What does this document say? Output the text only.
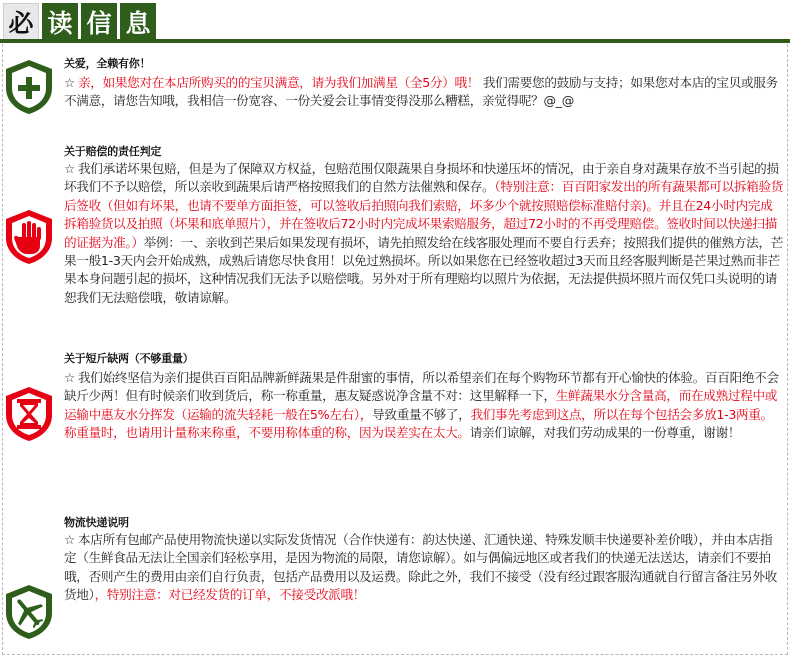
必 读 信 息
关爱，全赖有你！
☆ 亲，如果您对在本店所购买的的宝贝满意，请为我们加满星（全5分）哦！ 我们需要您的鼓励与支持；如果您对本店的宝贝或服务不满意，请您告知哦，我相信一份宽容、一份关爱会让事情变得没那么糟糕，亲觉得呢？@_@
关于赔偿的责任判定
☆ 我们承诺坏果包赔，但是为了保障双方权益，包赔范围仅限蔬果自身损坏和快递压坏的情况，由于亲自身对蔬果存放不当引起的损坏我们不予以赔偿，所以亲收到蔬果后请严格按照我们的自然方法催熟和保存。（特别注意：百百阳家发出的所有蔬果都可以拆箱验货后签收（但如有坏果，也请不要单方面拒签，可以签收后拍照向我们索赔，坏多少个就按照赔偿标准赔付亲)。并且在24小时内完成拆箱验货以及拍照（坏果和底单照片），并在签收后72小时内完成坏果索赔服务，超过72小时的不再受理赔偿。签收时间以快递扫描的证据为准。）举例：一、亲收到芒果后如果发现有损坏，请先拍照发给在线客服处理而不要自行丢弃；按照我们提供的催熟方法，芒果一般1-3天内会开始成熟，成熟后请您尽快食用！以免过熟损坏。所以如果您在已经签收超过3天而且经客服判断是芒果过熟而非芒果本身问题引起的损坏，这种情况我们无法予以赔偿哦。另外对于所有理赔均以照片为依据，无法提供损坏照片而仅凭口头说明的请恕我们无法赔偿哦，敬请谅解。
关于短斤缺两（不够重量）
☆ 我们始终坚信为亲们提供百百阳品牌新鲜蔬果是件甜蜜的事情，所以希望亲们在每个购物环节都有开心愉快的体验。百百阳绝不会缺斤少两！但有时候亲们收到货后，称一称重量，惠友疑惑说净含量不对：这里解释一下，生鲜蔬果水分含量高，而在成熟过程中或运输中惠友水分挥发（运输的流失轻耗一般在5%左右），导致重量不够了，我们事先考虑到这点，所以在每个包括会多放1-3两重。称重量时，也请用计量称来称重，不要用称体重的称，因为误差实在太大。请亲们谅解，对我们劳动成果的一份尊重，谢谢！
物流快递说明
☆ 本店所有包邮产品使用物流快递以实际发货情况（合作快递有：韵达快递、汇通快递、特殊发顺丰快递要补差价哦），并由本店指定（生鲜食品无法让全国亲们轻松享用，是因为物流的局限，请您谅解）。如与偶偏远地区或者我们的快递无法送达，请亲们不要拍哦，否则产生的费用由亲们自行负责，包括产品费用以及运费。除此之外，我们不接受（没有经过跟客服沟通就自行留言备注另外收货地），特别注意：对已经发货的订单，不接受改派哦！
